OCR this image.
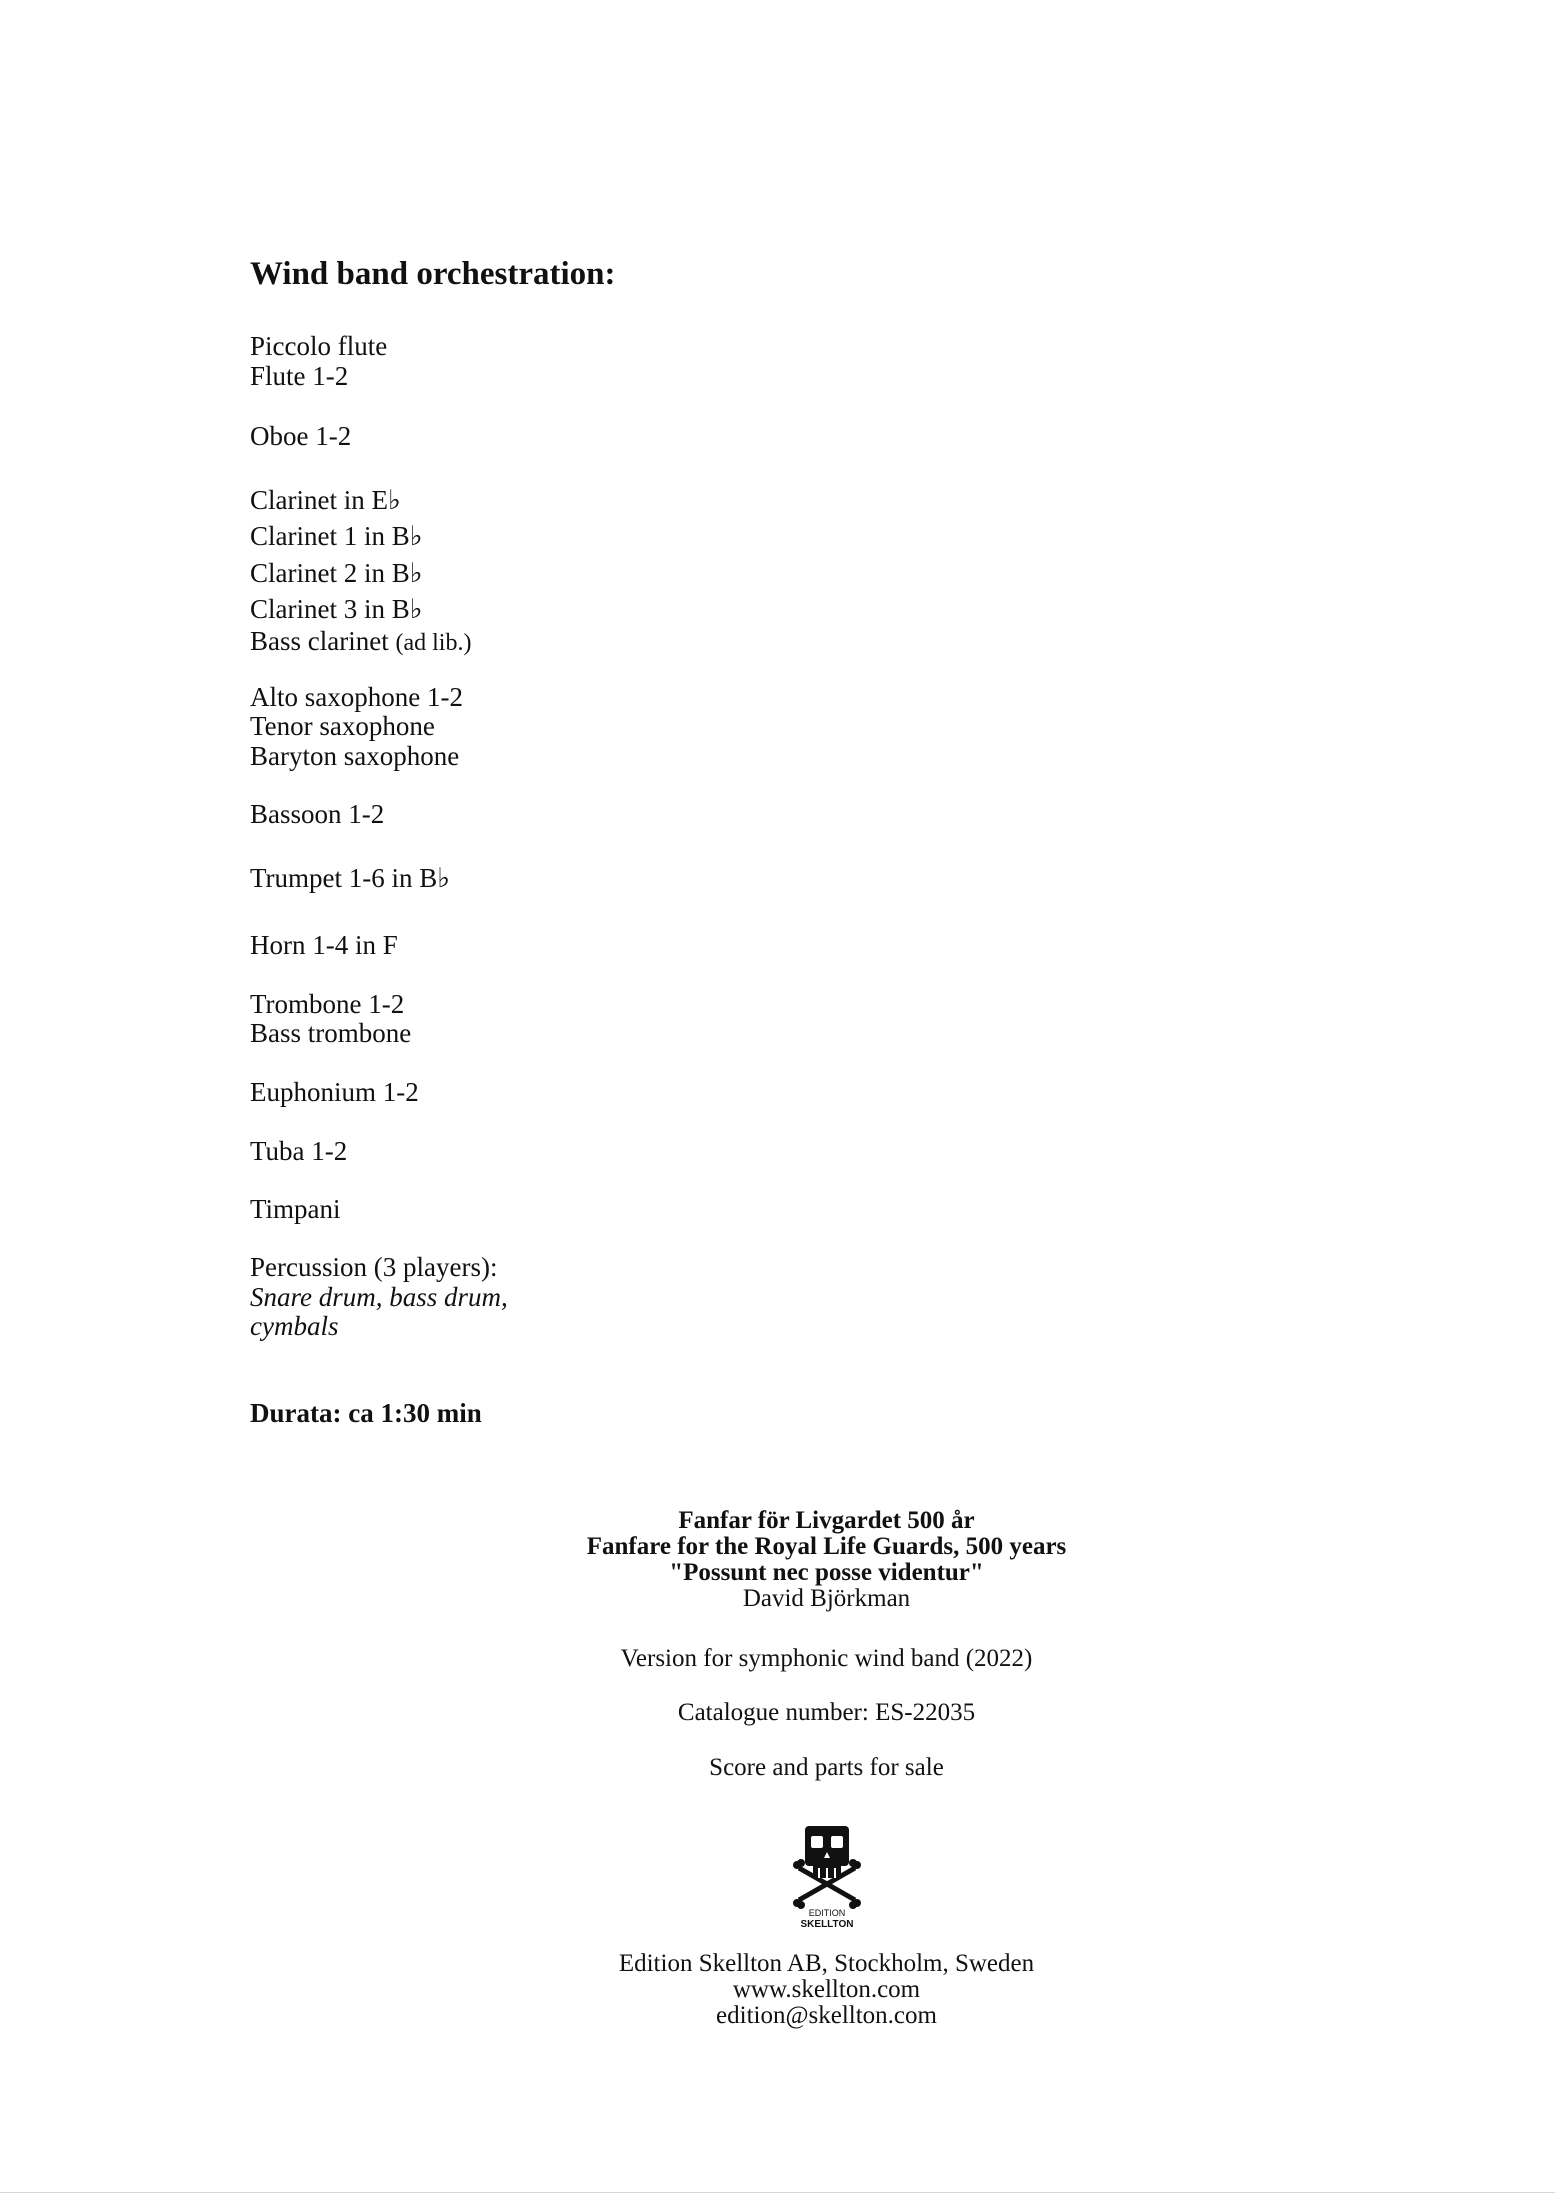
Wind band orchestration:
Piccolo flute
Flute 1-2
Oboe 1-2
Clarinet in E♭
Clarinet 1 in B♭
Clarinet 2 in B♭
Clarinet 3 in B♭
Bass clarinet (ad lib.)
Alto saxophone 1-2
Tenor saxophone
Baryton saxophone
Bassoon 1-2
Trumpet 1-6 in B♭
Horn 1-4 in F
Trombone 1-2
Bass trombone
Euphonium 1-2
Tuba 1-2
Timpani
Percussion (3 players):
Snare drum, bass drum,
cymbals
Durata: ca 1:30 min
Fanfar för Livgardet 500 år
Fanfare for the Royal Life Guards, 500 years
"Possunt nec posse videntur"
David Björkman
Version for symphonic wind band (2022)
Catalogue number: ES-22035
Score and parts for sale
EDITION
SKELLTON
Edition Skellton AB, Stockholm, Sweden
www.skellton.com
edition@skellton.com
